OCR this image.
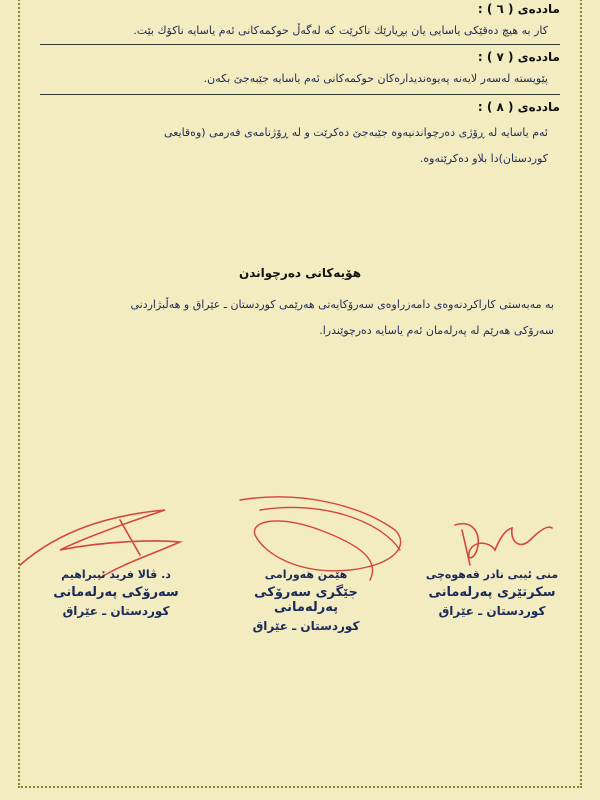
ماددەی ( ٦ ) :
كار بە هیچ دەقێكی یاسایی یان بڕیارێك ناكرێت كە لەگەڵ حوكمەكانی ئەم یاسایە ناكۆك بێت.
ماددەی ( ٧ ) :
پێویستە لەسەر لایەنە پەیوەندیدارەكان حوكمەكانی ئەم یاسایە جێبەجێ بكەن.
ماددەی ( ٨ ) :
ئەم یاسایە لە ڕۆژی دەرچواندنیەوە جێبەجێ دەكرێت و لە ڕۆژنامەی فەرمی (وەقایعی
كوردستان)دا بلاو دەكرێتەوە.
هۆیەكانی دەرچواندن
بە مەبەستی كاراكردنەوەی دامەزراوەی سەرۆكایەتی هەرێمی كوردستان ـ عێراق و هەڵبژاردنی
سەرۆكی هەرێم لە پەرلەمان ئەم یاسایە دەرچوێندرا.
د. ڤالا فرید ئیبراهیم
سەرۆكی پەرلەمانی
كوردستان ـ عێراق
هێمن هەورامی
جێگری سەرۆكی پەرلەمانی
كوردستان ـ عێراق
منی ئیبی نادر قەهوەچی
سكرتێری پەرلەمانی
كوردستان ـ عێراق
